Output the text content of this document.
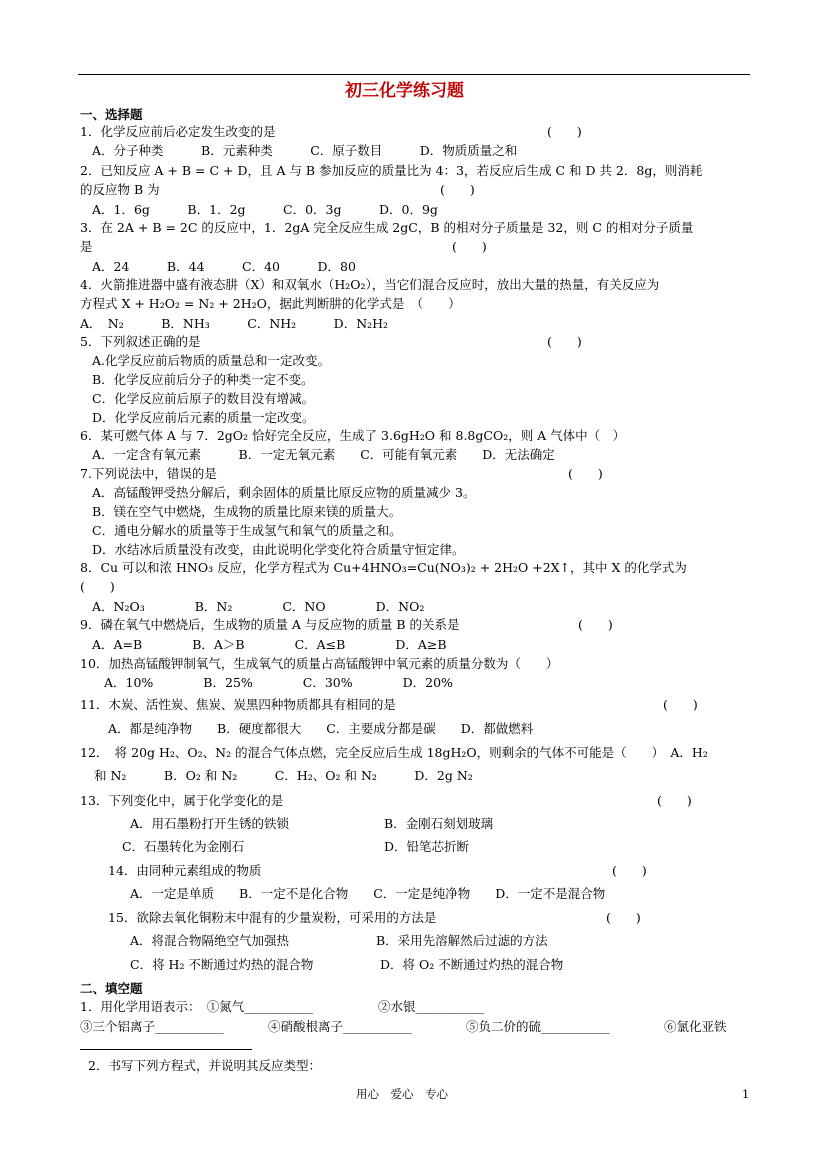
初三化学练习题
一、选择题
1．化学反应前后必定发生改变的是	(　　)
A．分子种类　　　B．元素种类　　　C．原子数目　　　D．物质质量之和
2．已知反应 A + B = C + D，且 A 与 B 参加反应的质量比为 4：3，若反应后生成 C 和 D 共 2．8g，则消耗
的反应物 B 为	(　　)
A．1．6g　　　B．1．2g　　　C．0．3g　　　D．0．9g
3．在 2A + B = 2C 的反应中，1．2gA 完全反应生成 2gC，B 的相对分子质量是 32，则 C 的相对分子质量
是	(　　)
A．24　　　B．44　　　C．40　　　D．80
4．火箭推进器中盛有液态肼（X）和双氧水（H₂O₂），当它们混合反应时，放出大量的热量，有关反应为
方程式 X + H₂O₂ = N₂ + 2H₂O，据此判断肼的化学式是　（　　）
A．　N₂　　　B．NH₃　　　C．NH₂　　　D．N₂H₂
5．下列叙述正确的是	(　　)
A.化学反应前后物质的质量总和一定改变。
B．化学反应前后分子的种类一定不变。
C．化学反应前后原子的数目没有增减。
D．化学反应前后元素的质量一定改变。
6．某可燃气体 A 与 7．2gO₂ 恰好完全反应，生成了 3.6gH₂O 和 8.8gCO₂，则 A 气体中（　）
A．一定含有氧元素　　　B．一定无氧元素　　C．可能有氧元素　　D．无法确定
7.下列说法中，错误的是	(　　)
A．高锰酸钾受热分解后，剩余固体的质量比原反应物的质量减少 3。
B．镁在空气中燃烧，生成物的质量比原来镁的质量大。
C．通电分解水的质量等于生成氢气和氧气的质量之和。
D．水结冰后质量没有改变，由此说明化学变化符合质量守恒定律。
8．Cu 可以和浓 HNO₃ 反应，化学方程式为 Cu+4HNO₃=Cu(NO₃)₂ + 2H₂O +2X↑，其中 X 的化学式为
(　　)
A．N₂O₃　　　　B．N₂　　　　C．NO　　　　D．NO₂
9．磷在氧气中燃烧后，生成物的质量 A 与反应物的质量 B 的关系是	(　　)
A．A=B　　　　B．A＞B　　　　C．A≤B　　　　D．A≥B
10．加热高锰酸钾制氧气，生成氧气的质量占高锰酸钾中氧元素的质量分数为（　　）
A．10%　　　　B．25%　　　　C．30%　　　　D．20%
11．木炭、活性炭、焦炭、炭黑四种物质都具有相同的是	(　　)
A．都是纯净物　　B．硬度都很大　　C．主要成分都是碳　　D．都做燃料
12．　将 20g H₂、O₂、N₂ 的混合气体点燃，完全反应后生成 18gH₂O，则剩余的气体不可能是（　　）　A．H₂
和 N₂　　　B．O₂ 和 N₂　　　C．H₂、O₂ 和 N₂　　　D．2g N₂
13．下列变化中，属于化学变化的是	(　　)
A．用石墨粉打开生锈的铁锁	B．金刚石刻划玻璃
C．石墨转化为金刚石	D．铅笔芯折断
14．由同种元素组成的物质	(　　)
A．一定是单质　　B．一定不是化合物　　C．一定是纯净物　　D．一定不是混合物
15．欲除去氧化铜粉末中混有的少量炭粉，可采用的方法是	(　　)
A．将混合物隔绝空气加强热	B．采用先溶解然后过滤的方法
C．将 H₂ 不断通过灼热的混合物	D．将 O₂ 不断通过灼热的混合物
二、填空题
1．用化学用语表示：　①氮气___________	②水银___________
③三个铝离子___________	④硝酸根离子___________	⑤负二价的硫___________	⑥氯化亚铁
2．书写下列方程式，并说明其反应类型：
用心　爱心　专心	1
